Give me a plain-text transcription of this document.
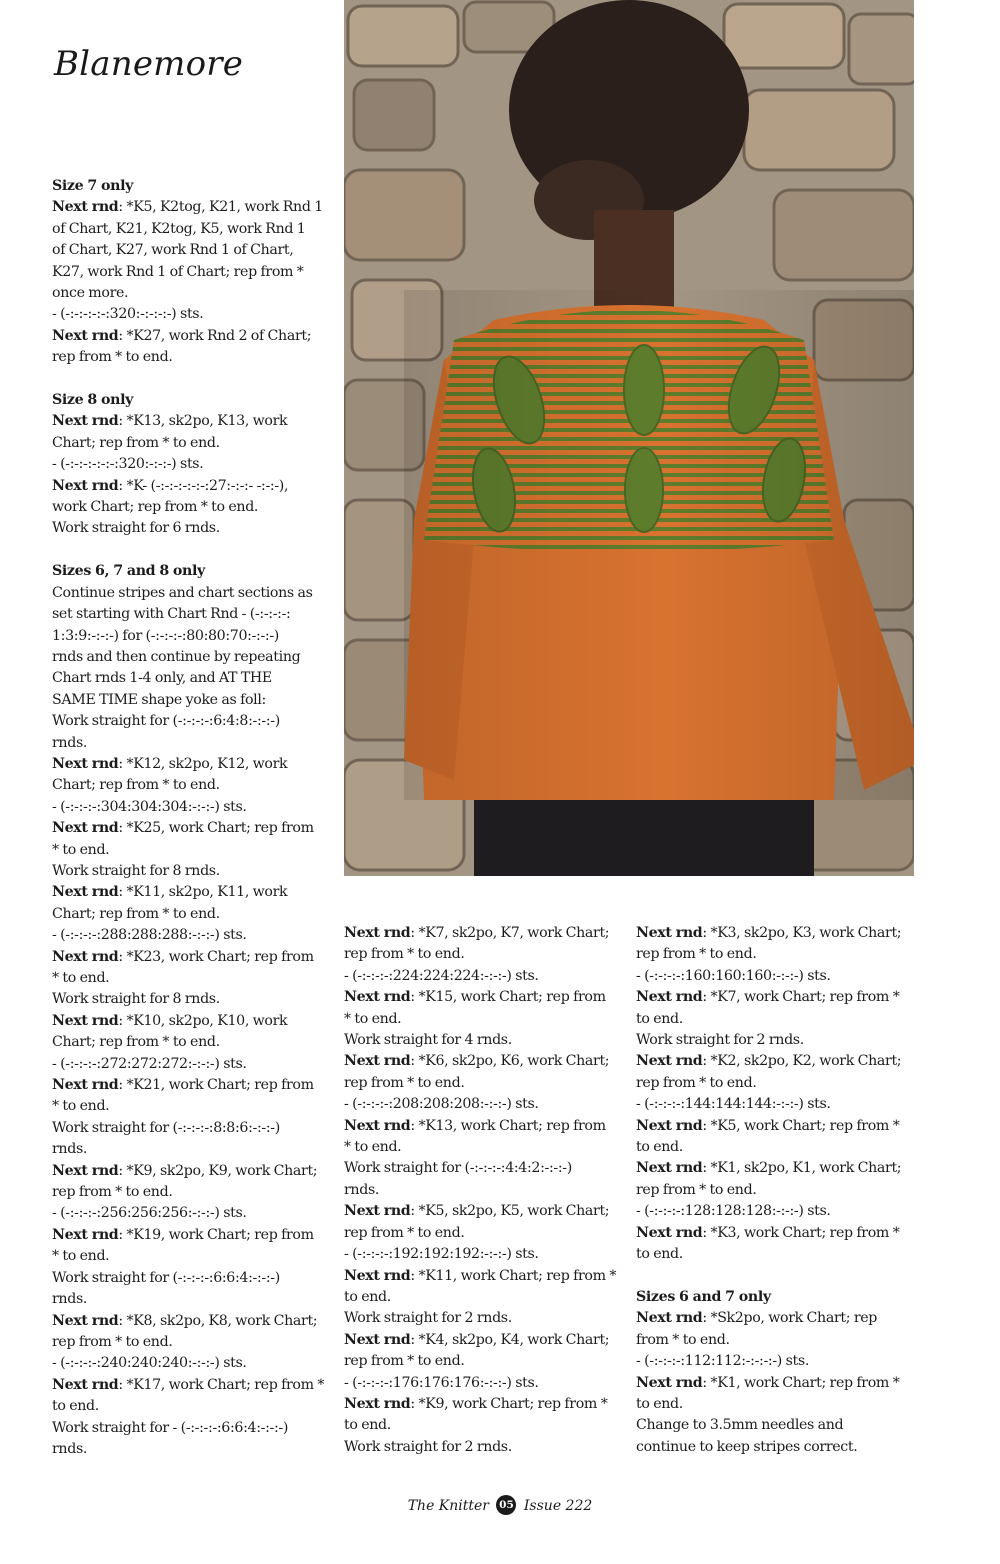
Blanemore
Size 7 only
Next rnd: *K5, K2tog, K21, work Rnd 1
of Chart, K21, K2tog, K5, work Rnd 1
of Chart, K27, work Rnd 1 of Chart,
K27, work Rnd 1 of Chart; rep from *
once more.
- (-:-:-:-:-:320:-:-:-:-) sts.
Next rnd: *K27, work Rnd 2 of Chart;
rep from * to end.
Size 8 only
Next rnd: *K13, sk2po, K13, work
Chart; rep from * to end.
- (-:-:-:-:-:-:320:-:-:-) sts.
Next rnd: *K- (-:-:-:-:-:-:27:-:-:- -:-:-),
work Chart; rep from * to end.
Work straight for 6 rnds.
Sizes 6, 7 and 8 only
Continue stripes and chart sections as
set starting with Chart Rnd - (-:-:-:-:
1:3:9:-:-:-) for (-:-:-:-:80:80:70:-:-:-)
rnds and then continue by repeating
Chart rnds 1-4 only, and AT THE
SAME TIME shape yoke as foll:
Work straight for (-:-:-:-:6:4:8:-:-:-)
rnds.
Next rnd: *K12, sk2po, K12, work
Chart; rep from * to end.
- (-:-:-:-:304:304:304:-:-:-) sts.
Next rnd: *K25, work Chart; rep from
* to end.
Work straight for 8 rnds.
Next rnd: *K11, sk2po, K11, work
Chart; rep from * to end.
- (-:-:-:-:288:288:288:-:-:-) sts.
Next rnd: *K23, work Chart; rep from
* to end.
Work straight for 8 rnds.
Next rnd: *K10, sk2po, K10, work
Chart; rep from * to end.
- (-:-:-:-:272:272:272:-:-:-) sts.
Next rnd: *K21, work Chart; rep from
* to end.
Work straight for (-:-:-:-:8:8:6:-:-:-)
rnds.
Next rnd: *K9, sk2po, K9, work Chart;
rep from * to end.
- (-:-:-:-:256:256:256:-:-:-) sts.
Next rnd: *K19, work Chart; rep from
* to end.
Work straight for (-:-:-:-:6:6:4:-:-:-)
rnds.
Next rnd: *K8, sk2po, K8, work Chart;
rep from * to end.
- (-:-:-:-:240:240:240:-:-:-) sts.
Next rnd: *K17, work Chart; rep from *
to end.
Work straight for - (-:-:-:-:6:6:4:-:-:-)
rnds.
Next rnd: *K7, sk2po, K7, work Chart;
rep from * to end.
- (-:-:-:-:224:224:224:-:-:-) sts.
Next rnd: *K15, work Chart; rep from
* to end.
Work straight for 4 rnds.
Next rnd: *K6, sk2po, K6, work Chart;
rep from * to end.
- (-:-:-:-:208:208:208:-:-:-) sts.
Next rnd: *K13, work Chart; rep from
* to end.
Work straight for (-:-:-:-:4:4:2:-:-:-)
rnds.
Next rnd: *K5, sk2po, K5, work Chart;
rep from * to end.
- (-:-:-:-:192:192:192:-:-:-) sts.
Next rnd: *K11, work Chart; rep from *
to end.
Work straight for 2 rnds.
Next rnd: *K4, sk2po, K4, work Chart;
rep from * to end.
- (-:-:-:-:176:176:176:-:-:-) sts.
Next rnd: *K9, work Chart; rep from *
to end.
Work straight for 2 rnds.
Next rnd: *K3, sk2po, K3, work Chart;
rep from * to end.
- (-:-:-:-:160:160:160:-:-:-) sts.
Next rnd: *K7, work Chart; rep from *
to end.
Work straight for 2 rnds.
Next rnd: *K2, sk2po, K2, work Chart;
rep from * to end.
- (-:-:-:-:144:144:144:-:-:-) sts.
Next rnd: *K5, work Chart; rep from *
to end.
Next rnd: *K1, sk2po, K1, work Chart;
rep from * to end.
- (-:-:-:-:128:128:128:-:-:-) sts.
Next rnd: *K3, work Chart; rep from *
to end.
Sizes 6 and 7 only
Next rnd: *Sk2po, work Chart; rep
from * to end.
- (-:-:-:-:112:112:-:-:-:-) sts.
Next rnd: *K1, work Chart; rep from *
to end.
Change to 3.5mm needles and
continue to keep stripes correct.
The Knitter 05 Issue 222
